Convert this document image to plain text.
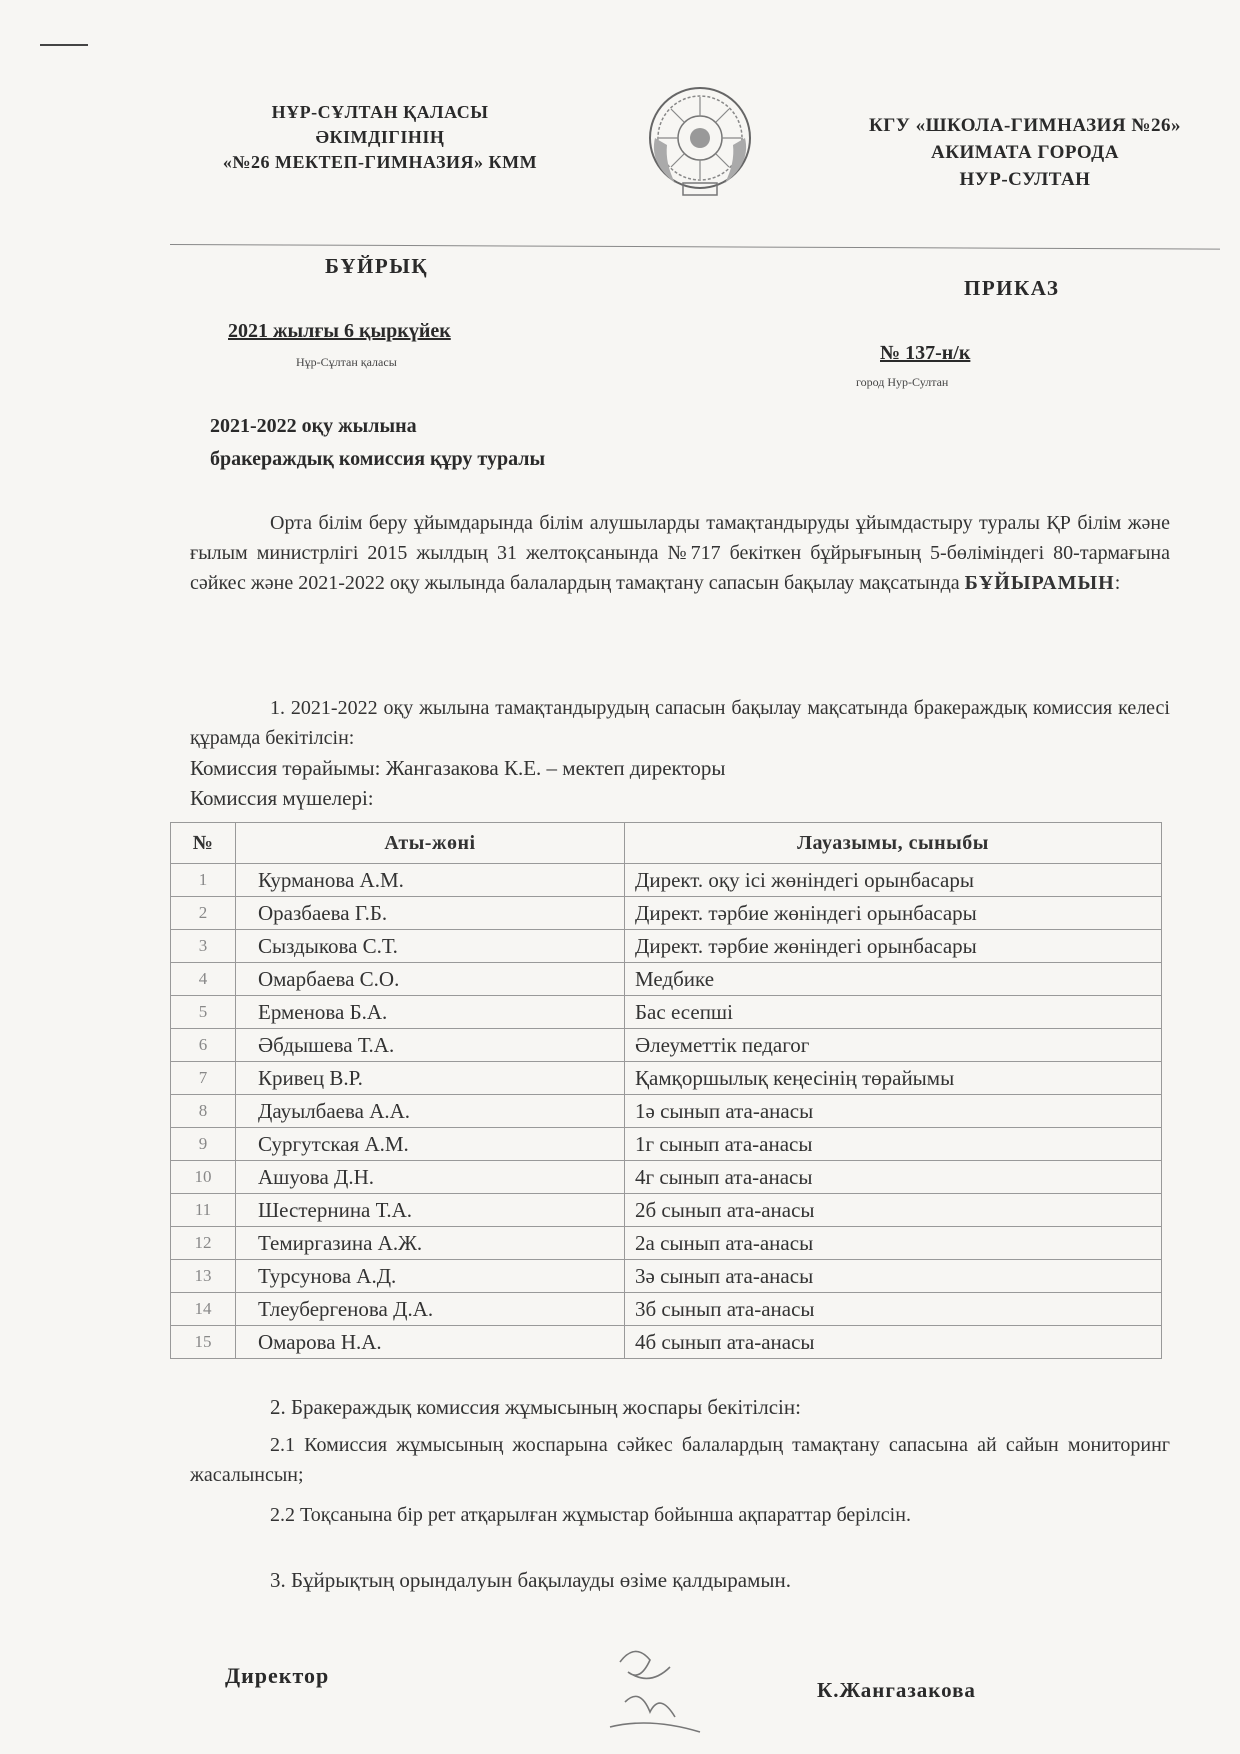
НҰР-СҰЛТАН ҚАЛАСЫ
ӘКІМДІГІНІҢ
«№26 МЕКТЕП-ГИМНАЗИЯ» КММ
КГУ «ШКОЛА-ГИМНАЗИЯ №26»
АКИМАТА ГОРОДА
НУР-СУЛТАН
БҰЙРЫҚ
ПРИКАЗ
2021 жылғы 6 қыркүйек
Нұр-Сұлтан қаласы	№ 137-н/к
город Нур-Султан
2021-2022 оқу жылына
бракераждық комиссия құру туралы
Орта білім беру ұйымдарында білім алушыларды тамақтандыруды ұйымдастыру туралы ҚР білім және ғылым министрлігі 2015 жылдың 31 желтоқсанында №717 бекіткен бұйрығының 5-бөліміндегі 80-тармағына сәйкес және 2021-2022 оқу жылында балалардың тамақтану сапасын бақылау мақсатында БҰЙЫРАМЫН:
1. 2021-2022 оқу жылына тамақтандырудың сапасын бақылау мақсатында бракераждық комиссия келесі құрамда бекітілсін:
Комиссия төрайымы: Жангазакова К.Е. – мектеп директоры
Комиссия мүшелері:
№	Аты-жөні	Лауазымы, сыныбы
1	Курманова А.М.	Директ. оқу ісі жөніндегі орынбасары
2	Оразбаева Г.Б.	Директ. тәрбие жөніндегі орынбасары
3	Сыздыкова С.Т.	Директ. тәрбие жөніндегі орынбасары
4	Омарбаева С.О.	Медбике
5	Ерменова Б.А.	Бас есепші
6	Әбдышева Т.А.	Әлеуметтік педагог
7	Кривец В.Р.	Қамқоршылық кеңесінің төрайымы
8	Дауылбаева А.А.	1ә сынып ата-анасы
9	Сургутская А.М.	1г сынып ата-анасы
10	Ашуова Д.Н.	4г сынып ата-анасы
11	Шестернина Т.А.	2б сынып ата-анасы
12	Темиргазина А.Ж.	2а сынып ата-анасы
13	Турсунова А.Д.	3ә сынып ата-анасы
14	Тлеубергенова Д.А.	3б сынып ата-анасы
15	Омарова Н.А.	4б сынып ата-анасы
2. Бракераждық комиссия жұмысының жоспары бекітілсін:
2.1 Комиссия жұмысының жоспарына сәйкес балалардың тамақтану сапасына ай сайын мониторинг жасалынсын;
2.2 Тоқсанына бір рет атқарылған жұмыстар бойынша ақпараттар берілсін.
3. Бұйрықтың орындалуын бақылауды өзіме қалдырамын.
Директор
К.Жангазакова
